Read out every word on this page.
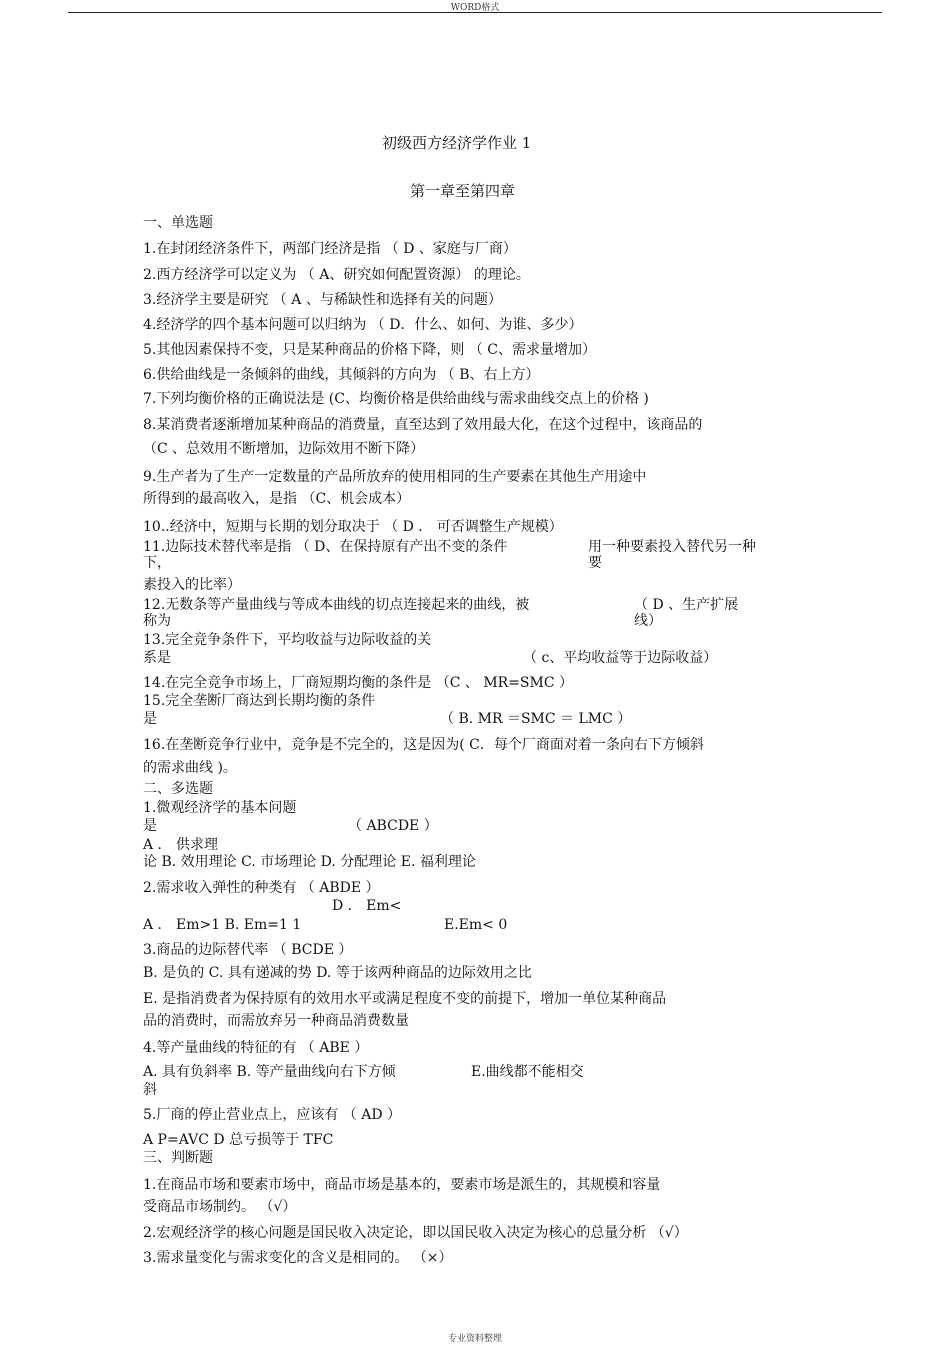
WORD格式
初级西方经济学作业 1
第一章至第四章
一、单选题
1.在封闭经济条件下，两部门经济是指 （ D 、家庭与厂商）
2.西方经济学可以定义为 （ A、研究如何配置资源） 的理论。
3.经济学主要是研究 （ A 、与稀缺性和选择有关的问题）
4.经济学的四个基本问题可以归纳为 （ D．什么、如何、为谁、多少）
5.其他因素保持不变，只是某种商品的价格下降，则 （ C、需求量增加）
6.供给曲线是一条倾斜的曲线，其倾斜的方向为 （ B、右上方）
7.下列均衡价格的正确说法是 (C、均衡价格是供给曲线与需求曲线交点上的价格 )
8.某消费者逐渐增加某种商品的消费量，直至达到了效用最大化，在这个过程中，该商品的
（C 、总效用不断增加，边际效用不断下降）
9.生产者为了生产一定数量的产品所放弃的使用相同的生产要素在其他生产用途中
所得到的最高收入，是指 （C、机会成本）
10..经济中，短期与长期的划分取决于 （ D ． 可否调整生产规模）
11.边际技术替代率是指 （ D、在保持原有产出不变的条件
下，
用一种要素投入替代另一种
要
素投入的比率）
12.无数条等产量曲线与等成本曲线的切点连接起来的曲线，被
称为
（ D 、生产扩展
线）
13.完全竞争条件下，平均收益与边际收益的关
系是	（ c、平均收益等于边际收益）
14.在完全竞争市场上，厂商短期均衡的条件是 （C 、 MR=SMC ）
15.完全垄断厂商达到长期均衡的条件
是	（ B. MR ＝SMC ＝ LMC ）
16.在垄断竞争行业中，竞争是不完全的，这是因为( C．每个厂商面对着一条向右下方倾斜
的需求曲线 )。
二、多选题
1.微观经济学的基本问题
是	（ ABCDE ）
A ． 供求理
论 B. 效用理论 C. 市场理论 D. 分配理论 E. 福利理论
2.需求收入弹性的种类有 （ ABDE ）
D ． Em<
A ． Em>1 B. Em=1 1	E.Em< 0
3.商品的边际替代率 （ BCDE ）
B. 是负的 C. 具有递减的势 D. 等于该两种商品的边际效用之比
E. 是指消费者为保持原有的效用水平或满足程度不变的前提下，增加一单位某种商品
品的消费时，而需放弃另一种商品消费数量
4.等产量曲线的特征的有 （ ABE ）
A. 具有负斜率 B. 等产量曲线向右下方倾
斜
E.曲线都不能相交
5.厂商的停止营业点上，应该有 （ AD ）
A P=AVC D 总亏损等于 TFC
三、判断题
1.在商品市场和要素市场中，商品市场是基本的，要素市场是派生的，其规模和容量
受商品市场制约。 （√）
2.宏观经济学的核心问题是国民收入决定论，即以国民收入决定为核心的总量分析 （√）
3.需求量变化与需求变化的含义是相同的。 （×）
专业资料整理
